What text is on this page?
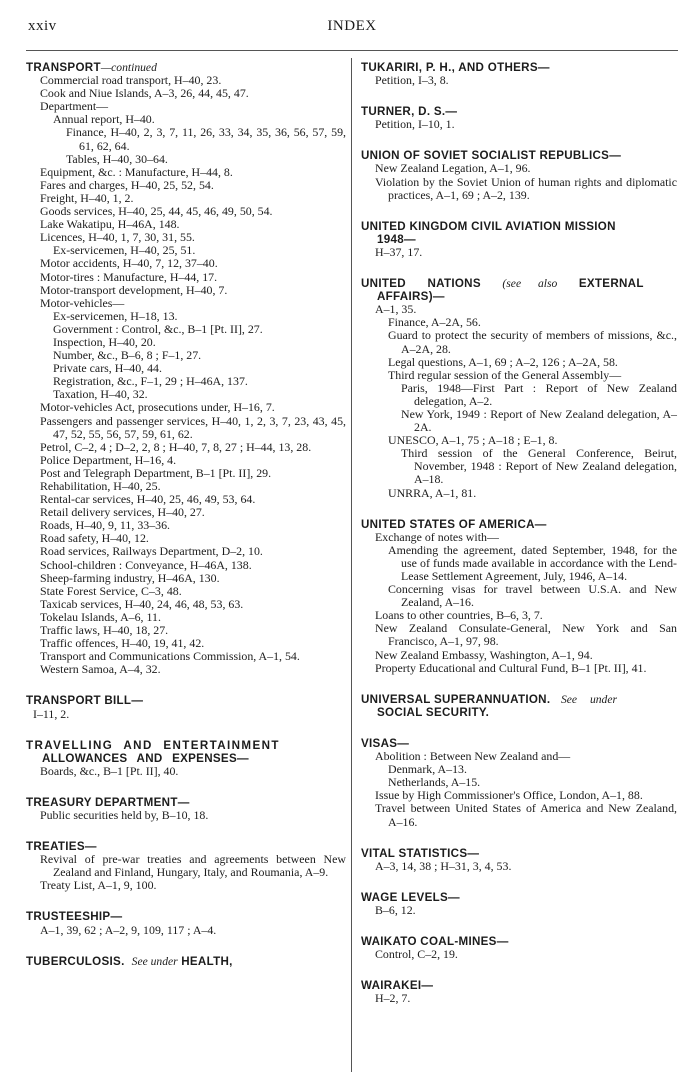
xxiv	INDEX
TRANSPORT—continued
Commercial road transport, H–40, 23.
Cook and Niue Islands, A–3, 26, 44, 45, 47.
Department—
Annual report, H–40.
Finance, H–40, 2, 3, 7, 11, 26, 33, 34, 35, 36, 56, 57, 59, 61, 62, 64.
Tables, H–40, 30–64.
Equipment, &c. : Manufacture, H–44, 8.
Fares and charges, H–40, 25, 52, 54.
Freight, H–40, 1, 2.
Goods services, H–40, 25, 44, 45, 46, 49, 50, 54.
Lake Wakatipu, H–46A, 148.
Licences, H–40, 1, 7, 30, 31, 55.
Ex-servicemen, H–40, 25, 51.
Motor accidents, H–40, 7, 12, 37–40.
Motor-tires : Manufacture, H–44, 17.
Motor-transport development, H–40, 7.
Motor-vehicles—
Ex-servicemen, H–18, 13.
Government : Control, &c., B–1 [Pt. II], 27.
Inspection, H–40, 20.
Number, &c., B–6, 8 ; F–1, 27.
Private cars, H–40, 44.
Registration, &c., F–1, 29 ; H–46A, 137.
Taxation, H–40, 32.
Motor-vehicles Act, prosecutions under, H–16, 7.
Passengers and passenger services, H–40, 1, 2, 3, 7, 23, 43, 45, 47, 52, 55, 56, 57, 59, 61, 62.
Petrol, C–2, 4 ; D–2, 2, 8 ; H–40, 7, 8, 27 ; H–44, 13, 28.
Police Department, H–16, 4.
Post and Telegraph Department, B–1 [Pt. II], 29.
Rehabilitation, H–40, 25.
Rental-car services, H–40, 25, 46, 49, 53, 64.
Retail delivery services, H–40, 27.
Roads, H–40, 9, 11, 33–36.
Road safety, H–40, 12.
Road services, Railways Department, D–2, 10.
School-children : Conveyance, H–46A, 138.
Sheep-farming industry, H–46A, 130.
State Forest Service, C–3, 48.
Taxicab services, H–40, 24, 46, 48, 53, 63.
Tokelau Islands, A–6, 11.
Traffic laws, H–40, 18, 27.
Traffic offences, H–40, 19, 41, 42.
Transport and Communications Commission, A–1, 54.
Western Samoa, A–4, 32.
TRANSPORT BILL—
I–11, 2.
TRAVELLING AND ENTERTAINMENT
ALLOWANCES AND EXPENSES—
Boards, &c., B–1 [Pt. II], 40.
TREASURY DEPARTMENT—
Public securities held by, B–10, 18.
TREATIES—
Revival of pre-war treaties and agreements between New Zealand and Finland, Hungary, Italy, and Roumania, A–9.
Treaty List, A–1, 9, 100.
TRUSTEESHIP—
A–1, 39, 62 ; A–2, 9, 109, 117 ; A–4.
TUBERCULOSIS. See under HEALTH,
TUKARIRI, P. H., AND OTHERS—
Petition, I–3, 8.
TURNER, D. S.—
Petition, I–10, 1.
UNION OF SOVIET SOCIALIST REPUBLICS—
New Zealand Legation, A–1, 96.
Violation by the Soviet Union of human rights and diplomatic practices, A–1, 69 ; A–2, 139.
UNITED KINGDOM CIVIL AVIATION MISSION
1948—
H–37, 17.
UNITED NATIONS (see also EXTERNAL
AFFAIRS)—
A–1, 35.
Finance, A–2A, 56.
Guard to protect the security of members of missions, &c., A–2A, 28.
Legal questions, A–1, 69 ; A–2, 126 ; A–2A, 58.
Third regular session of the General Assembly—
Paris, 1948—First Part : Report of New Zealand delegation, A–2.
New York, 1949 : Report of New Zealand delegation, A–2A.
UNESCO, A–1, 75 ; A–18 ; E–1, 8.
Third session of the General Conference, Beirut, November, 1948 : Report of New Zealand delegation, A–18.
UNRRA, A–1, 81.
UNITED STATES OF AMERICA—
Exchange of notes with—
Amending the agreement, dated September, 1948, for the use of funds made available in accordance with the Lend-Lease Settlement Agreement, July, 1946, A–14.
Concerning visas for travel between U.S.A. and New Zealand, A–16.
Loans to other countries, B–6, 3, 7.
New Zealand Consulate-General, New York and San Francisco, A–1, 97, 98.
New Zealand Embassy, Washington, A–1, 94.
Property Educational and Cultural Fund, B–1 [Pt. II], 41.
UNIVERSAL SUPERANNUATION. See under
SOCIAL SECURITY.
VISAS—
Abolition : Between New Zealand and—
Denmark, A–13.
Netherlands, A–15.
Issue by High Commissioner's Office, London, A–1, 88.
Travel between United States of America and New Zealand, A–16.
VITAL STATISTICS—
A–3, 14, 38 ; H–31, 3, 4, 53.
WAGE LEVELS—
B–6, 12.
WAIKATO COAL-MINES—
Control, C–2, 19.
WAIRAKEI—
H–2, 7.
